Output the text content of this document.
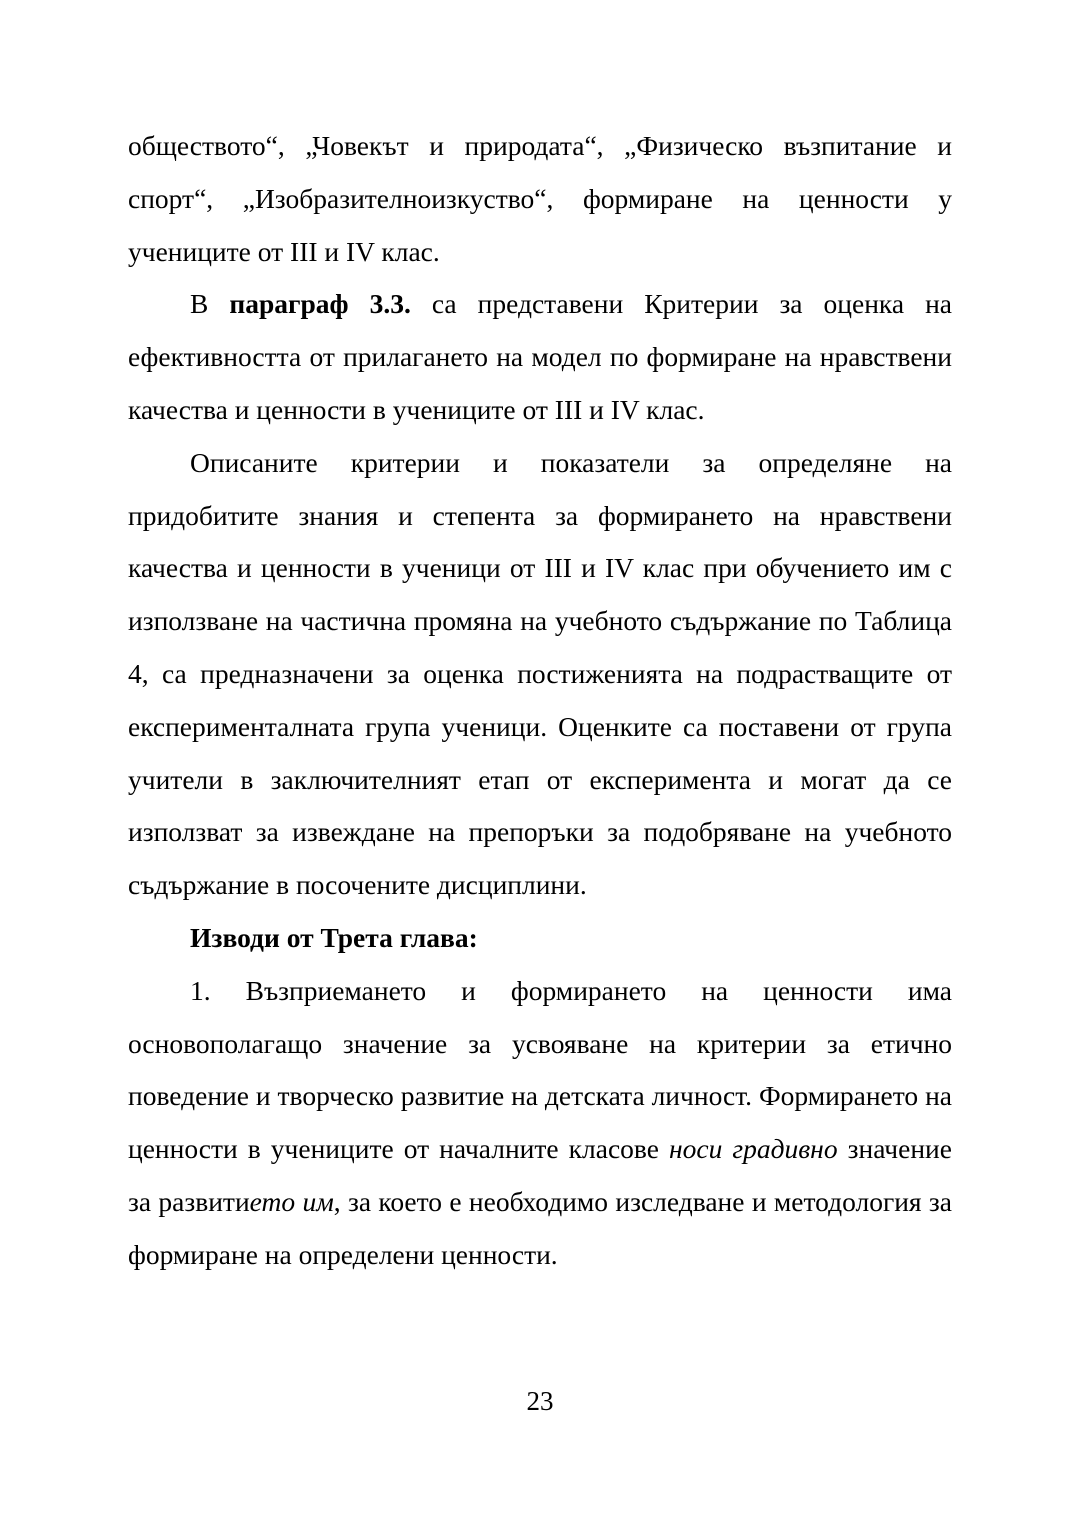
обществото“, „Човекът и природата“, „Физическо възпитание и спорт“, „Изобразителноизкуство“, формиране на ценности у учениците от III и IV клас.

В параграф 3.3. са представени Критерии за оценка на ефективността от прилагането на модел по формиране на нравствени качества и ценности в учениците от III и IV клас.

Описаните критерии и показатели за определяне на придобитите знания и степента за формирането на нравствени качества и ценности в ученици от III и IV клас при обучението им с използване на частична промяна на учебното съдържание по Таблица 4, са предназначени за оценка постиженията на подрастващите от експерименталната група ученици. Оценките са поставени от група учители в заключителният етап от експеримента и могат да се използват за извеждане на препоръки за подобряване на учебното съдържание в посочените дисциплини.

Изводи от Трета глава:

1. Възприемането и формирането на ценности има основополагащо значение за усвояване на критерии за етично поведение и творческо развитие на детската личност. Формирането на ценности в учениците от началните класове носи градивно значение за развитието им, за което е необходимо изследване и методология за формиране на определени ценности.

23
